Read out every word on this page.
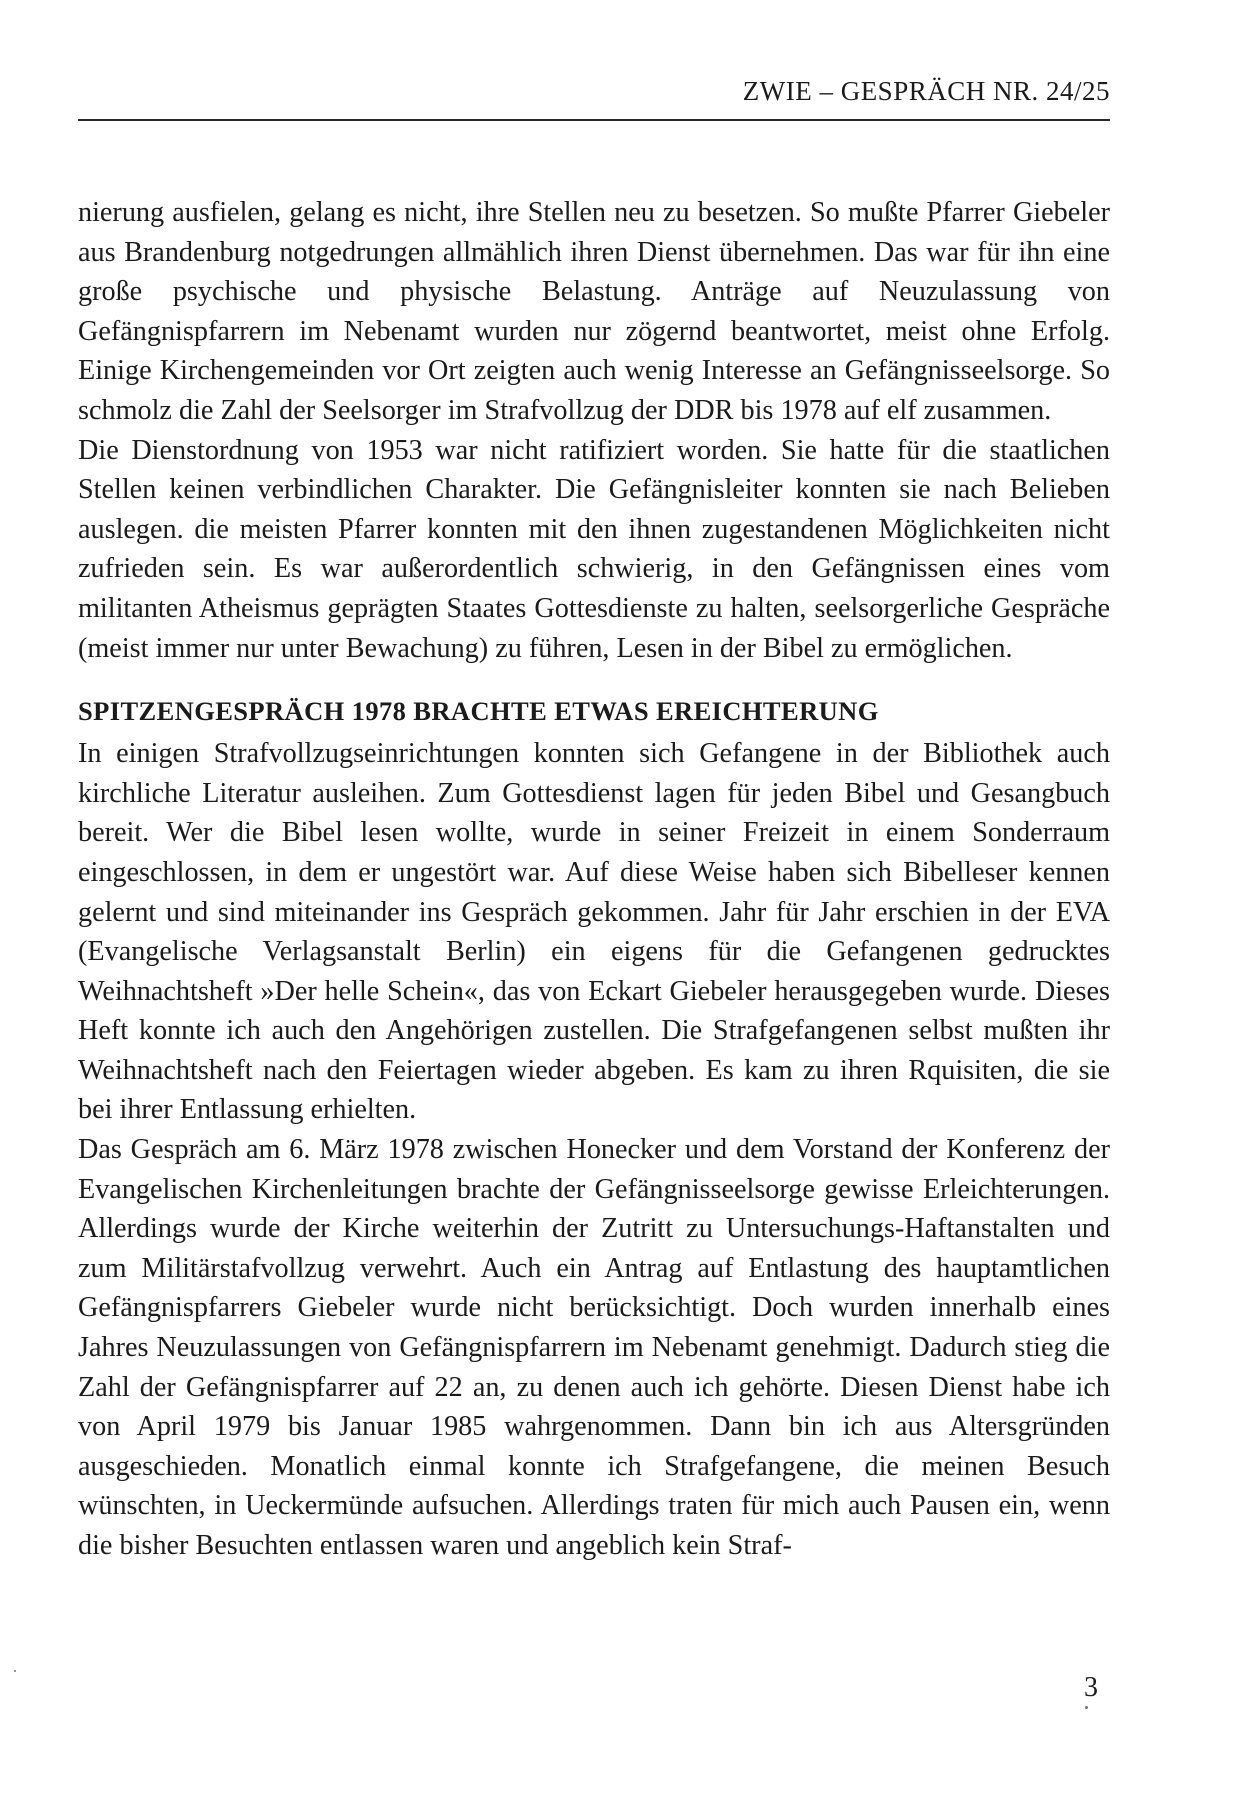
ZWIE – GESPRÄCH NR. 24/25

nierung ausfielen, gelang es nicht, ihre Stellen neu zu besetzen. So mußte Pfarrer Giebeler aus Brandenburg notgedrungen allmählich ihren Dienst übernehmen. Das war für ihn eine große psychische und physische Belastung. Anträge auf Neuzulassung von Gefängnispfarrern im Nebenamt wurden nur zögernd beantwortet, meist ohne Erfolg. Einige Kirchengemeinden vor Ort zeigten auch wenig Interesse an Gefängnisseelsorge. So schmolz die Zahl der Seelsorger im Strafvollzug der DDR bis 1978 auf elf zusammen.

Die Dienstordnung von 1953 war nicht ratifiziert worden. Sie hatte für die staatlichen Stellen keinen verbindlichen Charakter. Die Gefängnisleiter konnten sie nach Belieben auslegen. die meisten Pfarrer konnten mit den ihnen zugestandenen Möglichkeiten nicht zufrieden sein. Es war außerordentlich schwierig, in den Gefängnissen eines vom militanten Atheismus geprägten Staates Gottesdienste zu halten, seelsorgerliche Gespräche (meist immer nur unter Bewachung) zu führen, Lesen in der Bibel zu ermöglichen.

SPITZENGESPRÄCH 1978 BRACHTE ETWAS EREICHTERUNG

In einigen Strafvollzugseinrichtungen konnten sich Gefangene in der Bibliothek auch kirchliche Literatur ausleihen. Zum Gottesdienst lagen für jeden Bibel und Gesangbuch bereit. Wer die Bibel lesen wollte, wurde in seiner Freizeit in einem Sonderraum eingeschlossen, in dem er ungestört war. Auf diese Weise haben sich Bibelleser kennen gelernt und sind miteinander ins Gespräch gekommen. Jahr für Jahr erschien in der EVA (Evangelische Verlagsanstalt Berlin) ein eigens für die Gefangenen gedrucktes Weihnachtsheft »Der helle Schein«, das von Eckart Giebeler herausgegeben wurde. Dieses Heft konnte ich auch den Angehörigen zustellen. Die Strafgefangenen selbst mußten ihr Weihnachtsheft nach den Feiertagen wieder abgeben. Es kam zu ihren Rquisiten, die sie bei ihrer Entlassung erhielten.

Das Gespräch am 6. März 1978 zwischen Honecker und dem Vorstand der Konferenz der Evangelischen Kirchenleitungen brachte der Gefängnisseelsorge gewisse Erleichterungen. Allerdings wurde der Kirche weiterhin der Zutritt zu Untersuchungs-Haftanstalten und zum Militärstafvollzug verwehrt. Auch ein Antrag auf Entlastung des hauptamtlichen Gefängnispfarrers Giebeler wurde nicht berücksichtigt. Doch wurden innerhalb eines Jahres Neuzulassungen von Gefängnispfarrern im Nebenamt genehmigt. Dadurch stieg die Zahl der Gefängnispfarrer auf 22 an, zu denen auch ich gehörte. Diesen Dienst habe ich von April 1979 bis Januar 1985 wahrgenommen. Dann bin ich aus Altersgründen ausgeschieden. Monatlich einmal konnte ich Strafgefangene, die meinen Besuch wünschten, in Ueckermünde aufsuchen. Allerdings traten für mich auch Pausen ein, wenn die bisher Besuchten entlassen waren und angeblich kein Straf-

3
